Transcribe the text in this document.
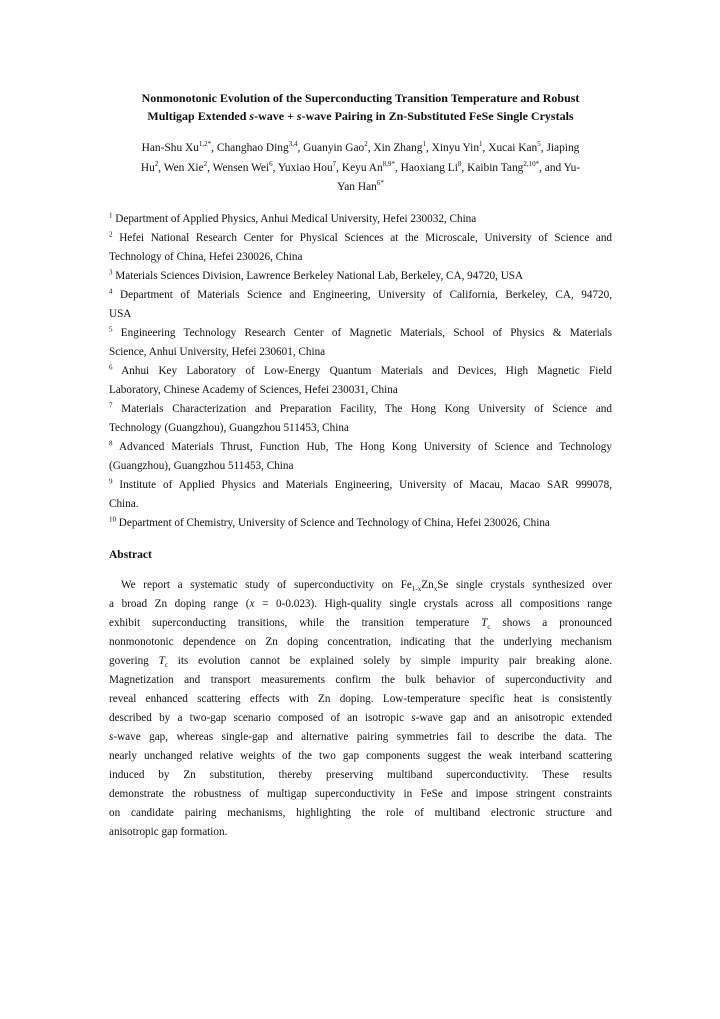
Nonmonotonic Evolution of the Superconducting Transition Temperature and Robust
Multigap Extended s-wave + s-wave Pairing in Zn-Substituted FeSe Single Crystals
Han-Shu $Xu^{1,2*}$, Changhao Ding$^{3,4}$, Guanyin Gao$^2$, Xin Zhang$^1$, Xinyu Yin$^1$, Xucai Kan$^5$, Jiaping
Hu$^2$, Wen Xie$^2$, Wensen Wei$^6$, Yuxiao Hou$^7$, Keyu $An^{8,9*}$, Haoxiang Li$^8$, Kaibin Tang$^{2,10*}$, and Yu-
Yan Han$^{6*}$
$^1$ Department of Applied Physics, Anhui Medical University, Hefei 230032, China
$^2$ Hefei National Research Center for Physical Sciences at the Microscale, University of Science and
Technology of China, Hefei 230026, China
$^3$ Materials Sciences Division, Lawrence Berkeley National Lab, Berkeley, CA, 94720, USA
$^4$ Department of Materials Science and Engineering, University of California, Berkeley, CA, 94720,
USA
$^5$ Engineering Technology Research Center of Magnetic Materials, School of Physics & Materials
Science, Anhui University, Hefei 230601, China
$^6$ Anhui Key Laboratory of Low-Energy Quantum Materials and Devices, High Magnetic Field
Laboratory, Chinese Academy of Sciences, Hefei 230031, China
$^7$ Materials Characterization and Preparation Facility, The Hong Kong University of Science and
Technology (Guangzhou), Guangzhou 511453, China
$^8$ Advanced Materials Thrust, Function Hub, The Hong Kong University of Science and Technology
(Guangzhou), Guangzhou 511453, China
$^9$ Institute of Applied Physics and Materials Engineering, University of Macau, Macao SAR 999078,
China.
$^{10}$ Department of Chemistry, University of Science and Technology of China, Hefei 230026, China
Abstract
We report a systematic study of superconductivity on $Fe_{1-x}Zn_xSe$ single crystals synthesized over
a broad Zn doping range (x = 0-0.023). High-quality single crystals across all compositions range
exhibit superconducting transitions, while the transition temperature $T_c$ shows a pronounced
nonmonotonic dependence on Zn doping concentration, indicating that the underlying mechanism
govering $T_c$ its evolution cannot be explained solely by simple impurity pair breaking alone.
Magnetization and transport measurements confirm the bulk behavior of superconductivity and
reveal enhanced scattering effects with Zn doping. Low-temperature specific heat is consistently
described by a two-gap scenario composed of an isotropic s-wave gap and an anisotropic extended
s-wave gap, whereas single-gap and alternative pairing symmetries fail to describe the data. The
nearly unchanged relative weights of the two gap components suggest the weak interband scattering
induced by Zn substitution, thereby preserving multiband superconductivity. These results
demonstrate the robustness of multigap superconductivity in FeSe and impose stringent constraints
on candidate pairing mechanisms, highlighting the role of multiband electronic structure and
anisotropic gap formation.
